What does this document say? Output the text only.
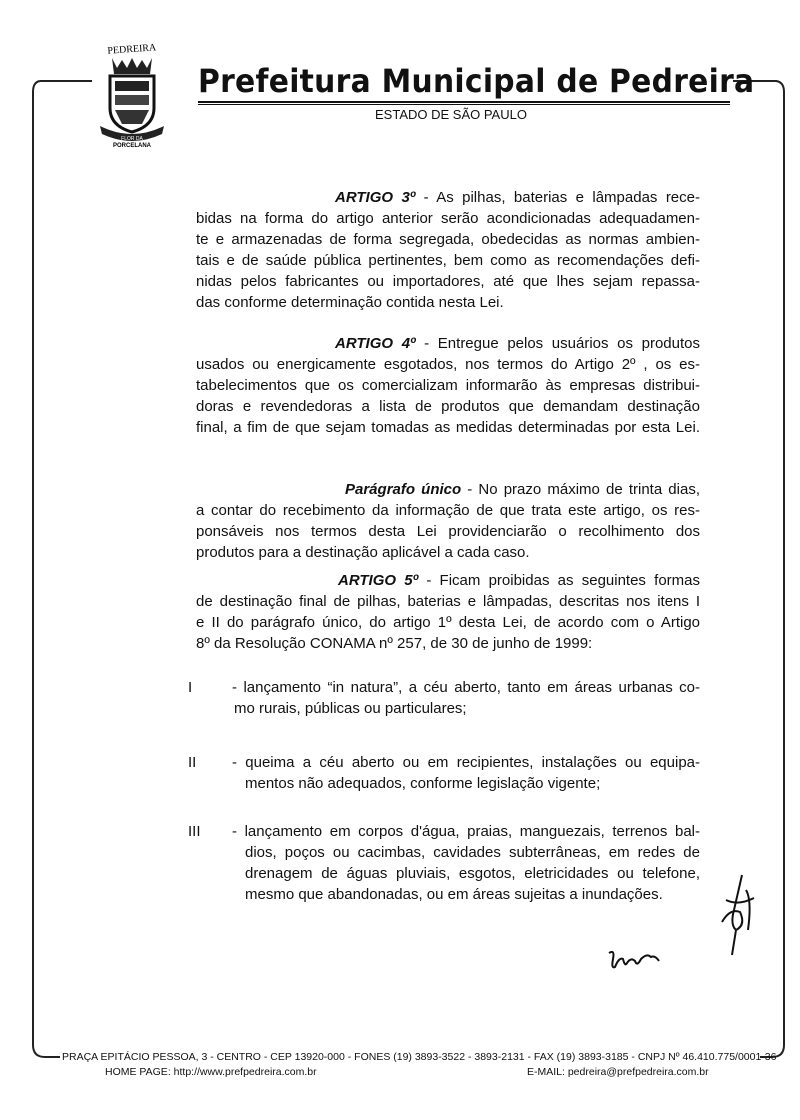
PEDREIRA
FLOR DA
PORCELANA
Prefeitura Municipal de Pedreira
ESTADO DE SÃO PAULO
ARTIGO 3º - As pilhas, baterias e lâmpadas rece-
bidas na forma do artigo anterior serão acondicionadas adequadamen-
te e armazenadas de forma segregada, obedecidas as normas ambien-
tais e de saúde pública pertinentes, bem como as recomendações defi-
nidas pelos fabricantes ou importadores, até que lhes sejam repassa-
das conforme determinação contida nesta Lei.
ARTIGO 4º - Entregue pelos usuários os produtos
usados ou energicamente esgotados, nos termos do Artigo 2º , os es-
tabelecimentos que os comercializam informarão às empresas distribui-
doras e revendedoras a lista de produtos que demandam destinação
final, a fim de que sejam tomadas as medidas determinadas por esta Lei.
Parágrafo único - No prazo máximo de trinta dias,
a contar do recebimento da informação de que trata este artigo, os res-
ponsáveis nos termos desta Lei providenciarão o recolhimento dos
produtos para a destinação aplicável a cada caso.
ARTIGO 5º - Ficam proibidas as seguintes formas
de destinação final de pilhas, baterias e lâmpadas, descritas nos itens I
e II do parágrafo único, do artigo 1º desta Lei, de acordo com o Artigo
8º da Resolução CONAMA nº 257, de 30 de junho de 1999:
I	- lançamento “in natura”, a céu aberto, tanto em áreas urbanas co-
mo rurais, públicas ou particulares;
II - queima a céu aberto ou em recipientes, instalações ou equipa-
mentos não adequados, conforme legislação vigente;
III - lançamento em corpos d'água, praias, manguezais, terrenos bal-
dios, poços ou cacimbas, cavidades subterrâneas, em redes de
drenagem de águas pluviais, esgotos, eletricidades ou telefone,
mesmo que abandonadas, ou em áreas sujeitas a inundações.
PRAÇA EPITÁCIO PESSOA, 3 - CENTRO - CEP 13920-000 - FONES (19) 3893-3522 - 3893-2131 - FAX (19) 3893-3185 - CNPJ Nº 46.410.775/0001-36
HOME PAGE: http://www.prefpedreira.com.br	E-MAIL: pedreira@prefpedreira.com.br
